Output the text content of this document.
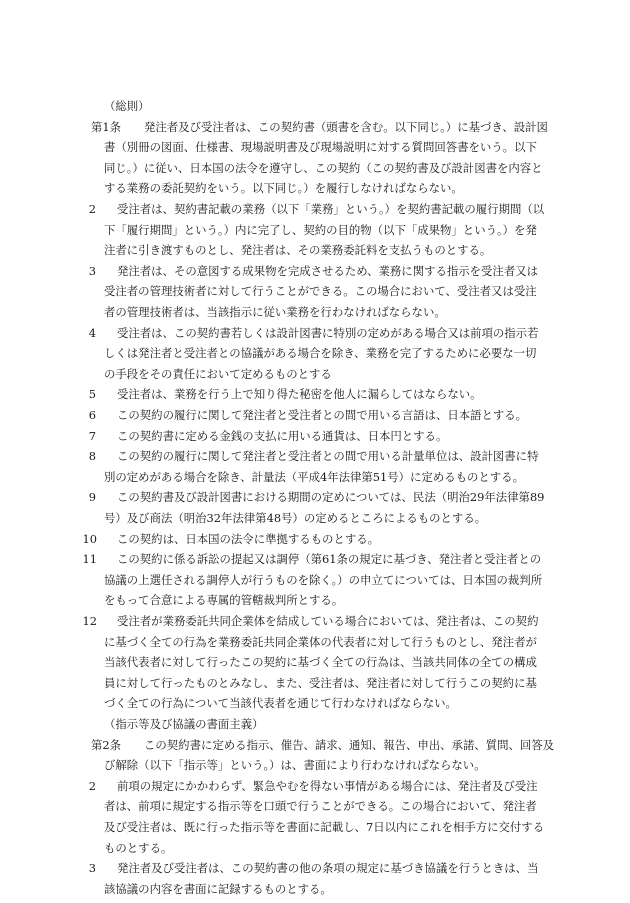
（総則）
第1条 発注者及び受注者は、この契約書（頭書を含む。以下同じ。）に基づき、設計図
書（別冊の図面、仕様書、現場説明書及び現場説明に対する質問回答書をいう。以下
同じ。）に従い、日本国の法令を遵守し、この契約（この契約書及び設計図書を内容と
する業務の委託契約をいう。以下同じ。）を履行しなければならない。
2 受注者は、契約書記載の業務（以下「業務」という。）を契約書記載の履行期間（以
下「履行期間」という。）内に完了し、契約の目的物（以下「成果物」という。）を発
注者に引き渡すものとし、発注者は、その業務委託料を支払うものとする。
3 発注者は、その意図する成果物を完成させるため、業務に関する指示を受注者又は
受注者の管理技術者に対して行うことができる。この場合において、受注者又は受注
者の管理技術者は、当該指示に従い業務を行わなければならない。
4 受注者は、この契約書若しくは設計図書に特別の定めがある場合又は前項の指示若
しくは発注者と受注者との協議がある場合を除き、業務を完了するために必要な一切
の手段をその責任において定めるものとする
5 受注者は、業務を行う上で知り得た秘密を他人に漏らしてはならない。
6 この契約の履行に関して発注者と受注者との間で用いる言語は、日本語とする。
7 この契約書に定める金銭の支払に用いる通貨は、日本円とする。
8 この契約の履行に関して発注者と受注者との間で用いる計量単位は、設計図書に特
別の定めがある場合を除き、計量法（平成4年法律第51号）に定めるものとする。
9 この契約書及び設計図書における期間の定めについては、民法（明治29年法律第89
号）及び商法（明治32年法律第48号）の定めるところによるものとする。
10 この契約は、日本国の法令に準拠するものとする。
11 この契約に係る訴訟の提起又は調停（第61条の規定に基づき、発注者と受注者との
協議の上選任される調停人が行うものを除く。）の申立てについては、日本国の裁判所
をもって合意による専属的管轄裁判所とする。
12 受注者が業務委託共同企業体を結成している場合においては、発注者は、この契約
に基づく全ての行為を業務委託共同企業体の代表者に対して行うものとし、発注者が
当該代表者に対して行ったこの契約に基づく全ての行為は、当該共同体の全ての構成
員に対して行ったものとみなし、また、受注者は、発注者に対して行うこの契約に基
づく全ての行為について当該代表者を通じて行わなければならない。
（指示等及び協議の書面主義）
第2条 この契約書に定める指示、催告、請求、通知、報告、申出、承諾、質問、回答及
び解除（以下「指示等」という。）は、書面により行わなければならない。
2 前項の規定にかかわらず、緊急やむを得ない事情がある場合には、発注者及び受注
者は、前項に規定する指示等を口頭で行うことができる。この場合において、発注者
及び受注者は、既に行った指示等を書面に記載し、7日以内にこれを相手方に交付する
ものとする。
3 発注者及び受注者は、この契約書の他の条項の規定に基づき協議を行うときは、当
該協議の内容を書面に記録するものとする。
